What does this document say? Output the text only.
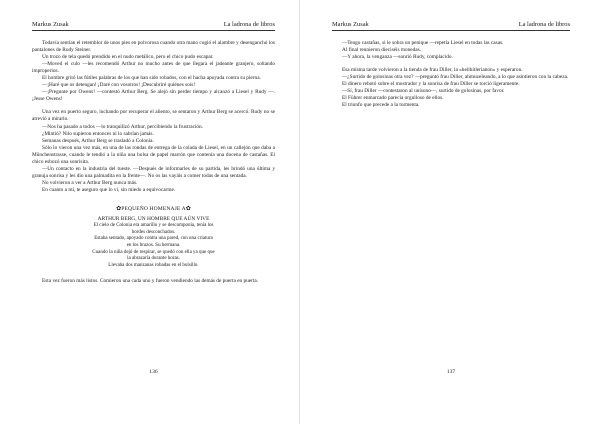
Markus Zusak	La ladrona de libros

Todavía sentían el retemblor de unos pies en polvorosa cuando otra mano cogió el alambre y desenganchó los pantalones de Rudy Steiner.

Un trozo de tela quedó prendido en el nudo metálico, pero el chico pudo escapar.

—Moved el culo —les recomendó Arthur no mucho antes de que llegara el jadeante granjero, soltando improperios.

El hombre gritó las fútiles palabras de los que han sido robados, con el hacha apoyada contra su pierna.

—¡Haré que os detengan! ¡Daré con vosotros! ¡Descubriré quiénes sois!

—¡Pregunte por Owens! —contestó Arthur Berg. Se alejó sin perder tiempo y alcanzó a Liesel y Rudy —. ¡Jesse Owens!

Una vez en puerto seguro, luchando por recuperar el aliento, se sentaron y Arthur Berg se acercó. Rudy no se atrevió a mirarlo.

—Nos ha pasado a todos —lo tranquilizó Arthur, percibiendo la frustración.

¿Mintió? Nilo supieron entonces ni lo sabrían jamás.

Semanas después, Arthur Berg se trasladó a Colonia.

Sólo lo vieron una vez más, en una de las rondas de entrega de la colada de Liesel, en un callejón que daba a Münchenstrasse, cuando le tendió a la niña una bolsa de papel marrón que contenía una docena de castañas. El chico esbozó una sonrisita.

—Un contacto en la industria del tueste. —Después de informarles de su partida, les brindó una última y granuja sonrisa y les dio una palmadita en la frente—. No os las vayáis a comer todas de una sentada.

No volvieron a ver a Arthur Berg nunca más.

En cuanto a mí, te aseguro que lo vi, sin miedo a equivocarme.

✿PEQUEÑO HOMENAJE A✿
ARTHUR BERG, UN HOMBRE QUE AÚN VIVE
El cielo de Colonia era amarillo y se descomponía, tenía los
bordes desconchados.
Estaba sentado, apoyado contra una pared, con una criatura
en los brazos. Su hermana.
Cuando la niña dejó de respirar, se quedó con ella ya que que
la abrazaría durante horas.
Llevaba dos manzanas robadas en el bolsillo.

Esta vez fueron más listos. Comieron una cada uno y fueron vendiendo las demás de puerta en puerta.

136
Markus Zusak	La ladrona de libros

—Tengo castañas, si le sobra un penique —repetía Liesel en todas las casas.

Al final reunieron dieciséis monedas.

—Y ahora, la venganza —sonrió Rudy, complacido.

Esa misma tarde volvieron a la tienda de frau Diller, la «heilhitlerianon» y esperaron.

—¿Surtido de golosinas otra vez? —preguntó frau Diller, ahmuzeleando, a lo que asintieron con la cabeza.

El dinero rebotó sobre el mostrador y la sonrisa de frau Diller se torció ligeramente.

—Sí, frau Diller —contestaron al unísono—, surtido de golosinas, por favor.

El Führer enmarcado parecía orgulloso de ellos.

El triunfo que precede a la tormenta.

137
